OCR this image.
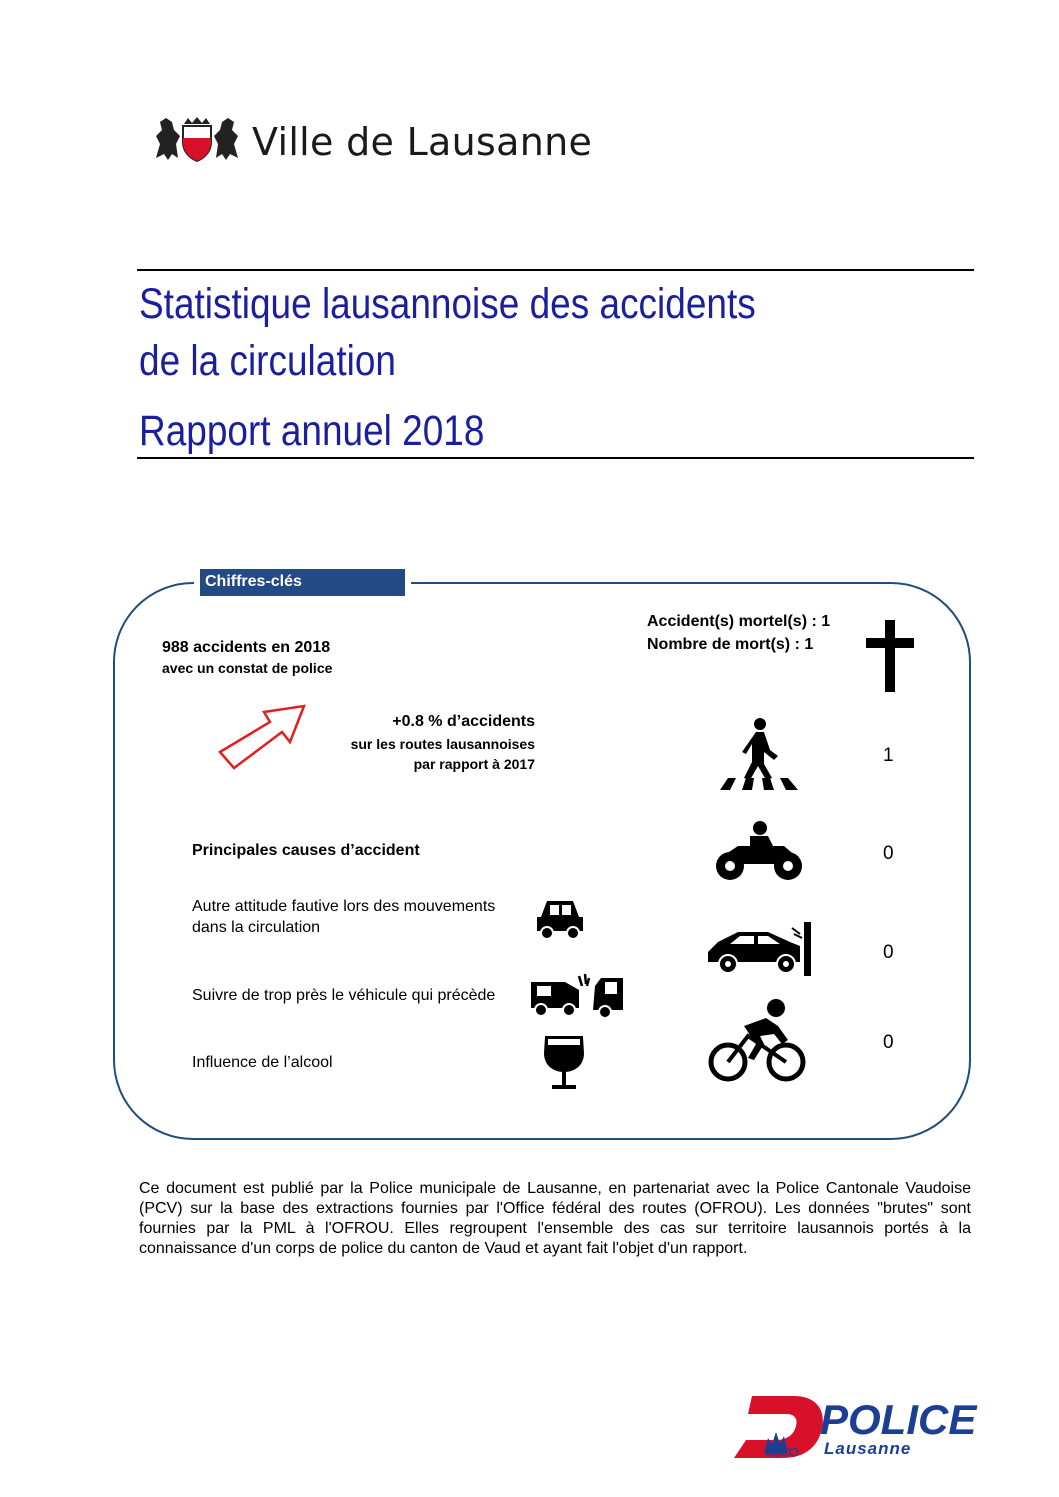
Ville de Lausanne
Statistique lausannoise des accidents
de la circulation
Rapport annuel 2018
Chiffres-clés
988 accidents en 2018
avec un constat de police
Accident(s) mortel(s) : 1
Nombre de mort(s) : 1
+0.8 % d’accidents
sur les routes lausannoises
par rapport à 2017
Principales causes d’accident
Autre attitude fautive lors des mouvements
dans la circulation
Suivre de trop près le véhicule qui précède
Influence de l’alcool
1
0
0
0
Ce document est publié par la Police municipale de Lausanne, en partenariat avec la Police Cantonale Vaudoise (PCV) sur la base des extractions fournies par l'Office fédéral des routes (OFROU). Les données "brutes" sont fournies par la PML à l'OFROU. Elles regroupent l'ensemble des cas sur territoire lausannois portés à la connaissance d'un corps de police du canton de Vaud et ayant fait l'objet d'un rapport.
POLICE
Lausanne
